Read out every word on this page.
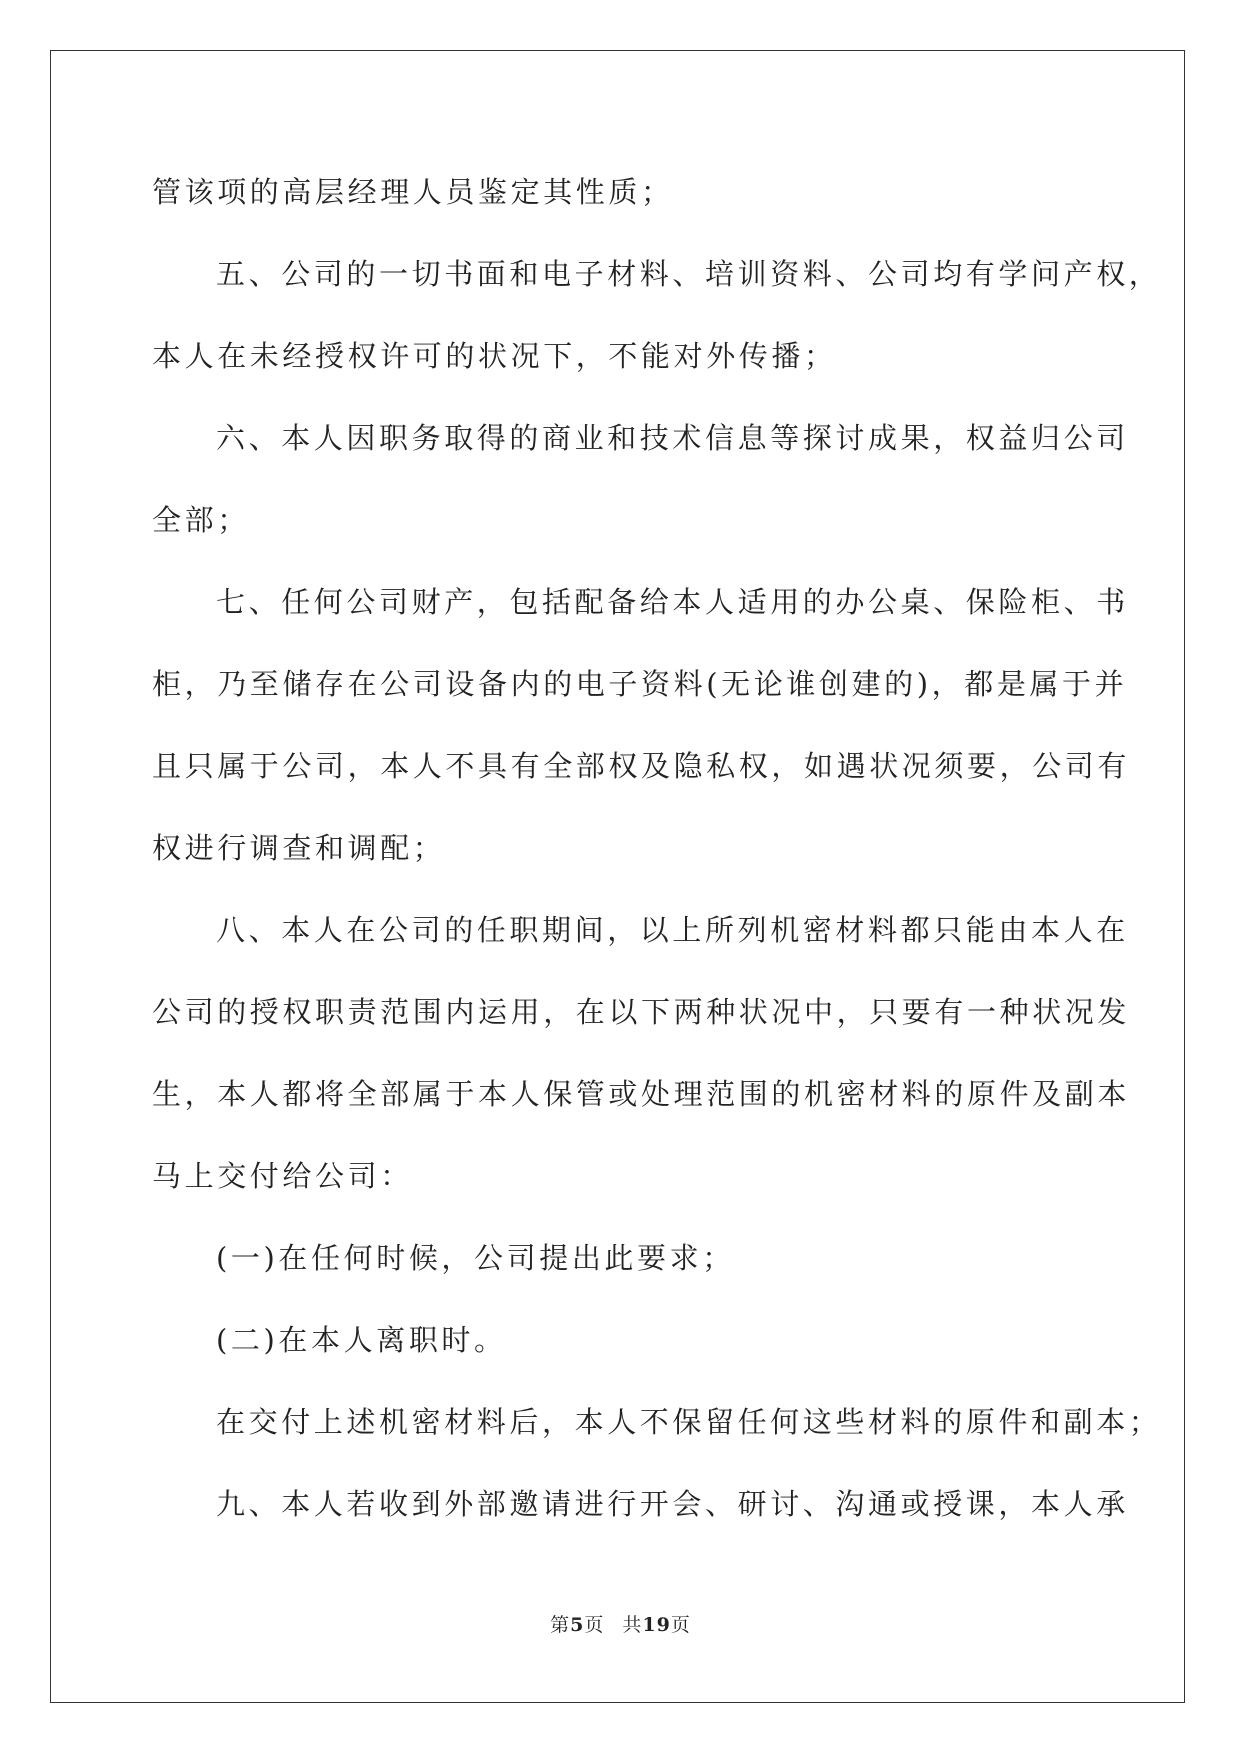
管该项的高层经理人员鉴定其性质；
五、公司的一切书面和电子材料、培训资料、公司均有学问产权，
本人在未经授权许可的状况下，不能对外传播；
六、本人因职务取得的商业和技术信息等探讨成果，权益归公司
全部；
七、任何公司财产，包括配备给本人适用的办公桌、保险柜、书
柜，乃至储存在公司设备内的电子资料(无论谁创建的)，都是属于并
且只属于公司，本人不具有全部权及隐私权，如遇状况须要，公司有
权进行调查和调配；
八、本人在公司的任职期间，以上所列机密材料都只能由本人在
公司的授权职责范围内运用，在以下两种状况中，只要有一种状况发
生，本人都将全部属于本人保管或处理范围的机密材料的原件及副本
马上交付给公司：
(一)在任何时候，公司提出此要求；
(二)在本人离职时。
在交付上述机密材料后，本人不保留任何这些材料的原件和副本；
九、本人若收到外部邀请进行开会、研讨、沟通或授课，本人承
第5页 共19页
